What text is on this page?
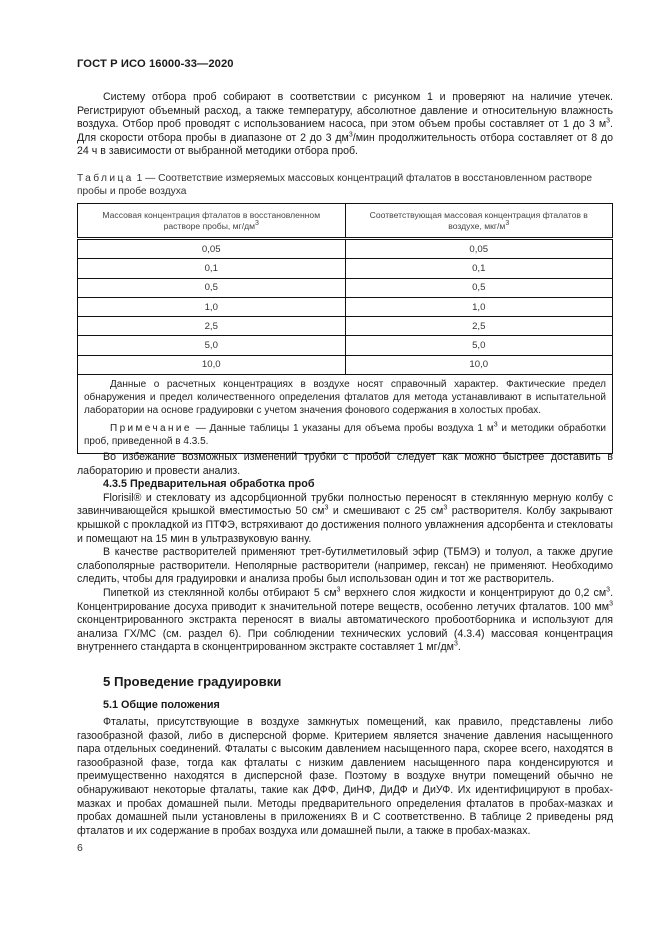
ГОСТ Р ИСО 16000-33—2020

Систему отбора проб собирают в соответствии с рисунком 1 и проверяют на наличие утечек. Регистрируют объемный расход, а также температуру, абсолютное давление и относительную влажность воздуха. Отбор проб проводят с использованием насоса, при этом объем пробы составляет от 1 до 3 $м^3$. Для скорости отбора пробы в диапазоне от 2 до 3 $дм^3$/мин продолжительность отбора составляет от 8 до 24 ч в зависимости от выбранной методики отбора проб.

Таблица 1 — Соответствие измеряемых массовых концентраций фталатов в восстановленном растворе пробы и пробе воздуха
Массовая концентрация фталатов в восстановленном растворе пробы, $мг/дм^3$	Соответствующая массовая концентрация фталатов в воздухе, мкг/$м^3$
0,05	0,05
0,1	0,1
0,5	0,5
1,0	1,0
2,5	2,5
5,0	5,0
10,0	10,0

Данные о расчетных концентрациях в воздухе носят справочный характер. Фактические предел обнаружения и предел количественного определения фталатов для метода устанавливают в испытательной лаборатории на основе градуировки с учетом значения фонового содержания в холостых пробах.

Примечание — Данные таблицы 1 указаны для объема пробы воздуха 1 $м^3$ и методики обработки проб, приведенной в 4.3.5.	

Во избежание возможных изменений трубки с пробой следует как можно быстрее доставить в лабораторию и провести анализ.

4.3.5 Предварительная обработка проб

Florisil® и стекловату из адсорбционной трубки полностью переносят в стеклянную мерную колбу с завинчивающейся крышкой вместимостью 50 $см^3$ и смешивают с 25 $см^3$ растворителя. Колбу закрывают крышкой с прокладкой из ПТФЭ, встряхивают до достижения полного увлажнения адсорбента и стекловаты и помещают на 15 мин в ультразвуковую ванну.

В качестве растворителей применяют трет-бутилметиловый эфир (ТБМЭ) и толуол, а также другие слабополярные растворители. Неполярные растворители (например, гексан) не применяют. Необходимо следить, чтобы для градуировки и анализа пробы был использован один и тот же растворитель.

Пипеткой из стеклянной колбы отбирают 5 $см^3$ верхнего слоя жидкости и концентрируют до 0,2 $см^3$. Концентрирование досуха приводит к значительной потере веществ, особенно летучих фталатов. 100 $мм^3$ сконцентрированного экстракта переносят в виалы автоматического пробоотборника и используют для анализа ГХ/МС (см. раздел 6). При соблюдении технических условий (4.3.4) массовая концентрация внутреннего стандарта в сконцентрированном экстракте составляет 1 $мг/дм^3$.

5 Проведение градуировки
5.1 Общие положения

Фталаты, присутствующие в воздухе замкнутых помещений, как правило, представлены либо газообразной фазой, либо в дисперсной форме. Критерием является значение давления насыщенного пара отдельных соединений. Фталаты с высоким давлением насыщенного пара, скорее всего, находятся в газообразной фазе, тогда как фталаты с низким давлением насыщенного пара конденсируются и преимущественно находятся в дисперсной фазе. Поэтому в воздухе внутри помещений обычно не обнаруживают некоторые фталаты, такие как ДФФ, ДиНФ, ДиДФ и ДиУФ. Их идентифицируют в пробах-мазках и пробах домашней пыли. Методы предварительного определения фталатов в пробах-мазках и пробах домашней пыли установлены в приложениях В и С соответственно. В таблице 2 приведены ряд фталатов и их содержание в пробах воздуха или домашней пыли, а также в пробах-мазках.

6
